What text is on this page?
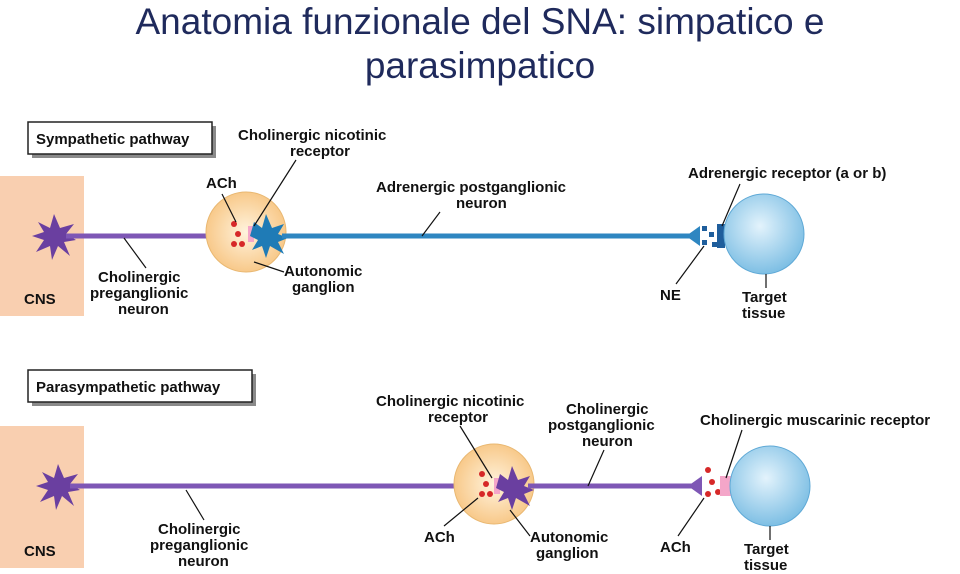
Anatomia funzionale del SNA: simpatico e
parasimpatico
Sympathetic pathway
CNS
Cholinergic nicotinic
receptor
ACh
Autonomic
ganglion
Cholinergic
preganglionic
neuron
Adrenergic postganglionic
neuron
Adrenergic receptor (a or b)
NE	Target
tissue
Parasympathetic pathway
CNS
Cholinergic nicotinic
receptor	Cholinergic
postganglionic
neuron
Cholinergic muscarinic receptor
Cholinergic
preganglionic
neuron
ACh	Autonomic
ganglion	ACh	Target
tissue
